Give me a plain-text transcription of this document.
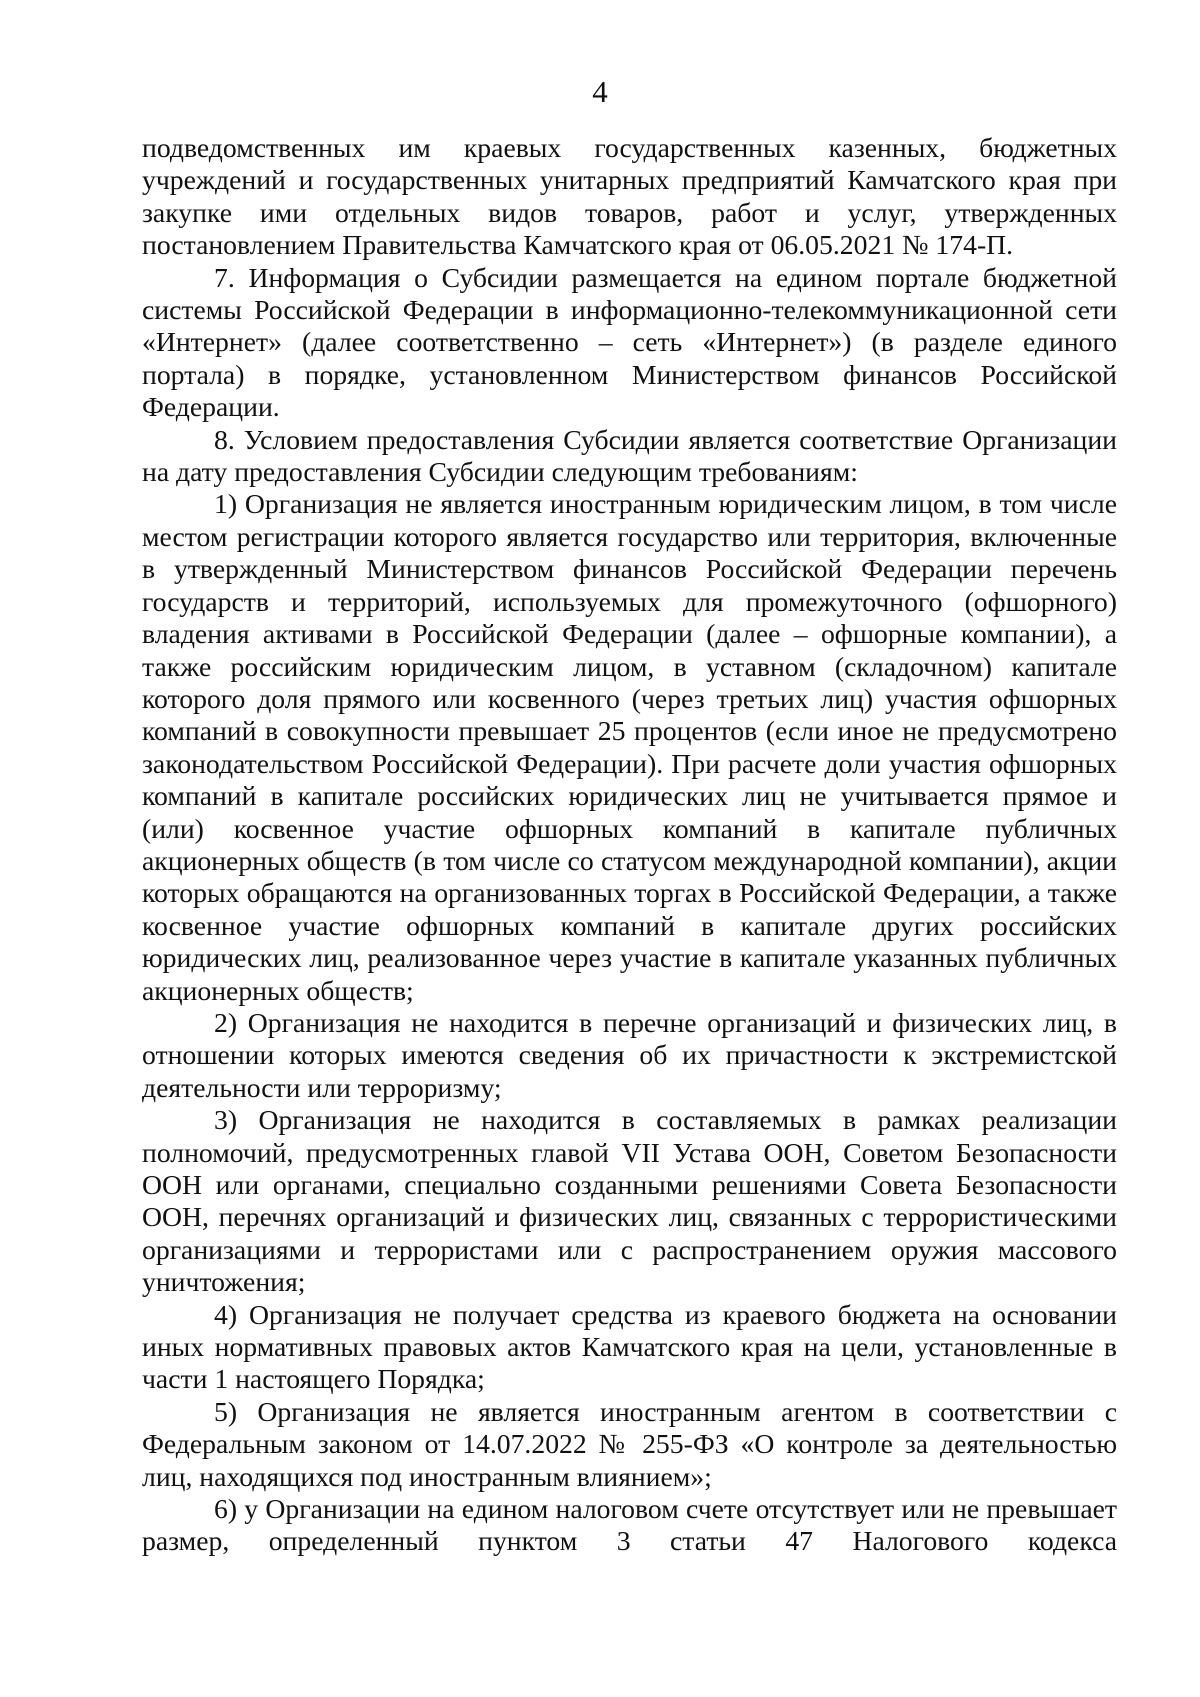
4

подведомственных им краевых государственных казенных, бюджетных учреждений и государственных унитарных предприятий Камчатского края при закупке ими отдельных видов товаров, работ и услуг, утвержденных постановлением Правительства Камчатского края от 06.05.2021 № 174-П.

7. Информация о Субсидии размещается на едином портале бюджетной системы Российской Федерации в информационно-телекоммуникационной сети «Интернет» (далее соответственно – сеть «Интернет») (в разделе единого портала) в порядке, установленном Министерством финансов Российской Федерации.

8. Условием предоставления Субсидии является соответствие Организации на дату предоставления Субсидии следующим требованиям:

1) Организация не является иностранным юридическим лицом, в том числе местом регистрации которого является государство или территория, включенные в утвержденный Министерством финансов Российской Федерации перечень государств и территорий, используемых для промежуточного (офшорного) владения активами в Российской Федерации (далее – офшорные компании), а также российским юридическим лицом, в уставном (складочном) капитале которого доля прямого или косвенного (через третьих лиц) участия офшорных компаний в совокупности превышает 25 процентов (если иное не предусмотрено законодательством Российской Федерации). При расчете доли участия офшорных компаний в капитале российских юридических лиц не учитывается прямое и (или) косвенное участие офшорных компаний в капитале публичных акционерных обществ (в том числе со статусом международной компании), акции которых обращаются на организованных торгах в Российской Федерации, а также косвенное участие офшорных компаний в капитале других российских юридических лиц, реализованное через участие в капитале указанных публичных акционерных обществ;

2) Организация не находится в перечне организаций и физических лиц, в отношении которых имеются сведения об их причастности к экстремистской деятельности или терроризму;

3) Организация не находится в составляемых в рамках реализации полномочий, предусмотренных главой VII Устава ООН, Советом Безопасности ООН или органами, специально созданными решениями Совета Безопасности ООН, перечнях организаций и физических лиц, связанных с террористическими организациями и террористами или с распространением оружия массового уничтожения;

4) Организация не получает средства из краевого бюджета на основании иных нормативных правовых актов Камчатского края на цели, установленные в части 1 настоящего Порядка;

5) Организация не является иностранным агентом в соответствии с Федеральным законом от 14.07.2022 № 255-ФЗ «О контроле за деятельностью лиц, находящихся под иностранным влиянием»;

6) у Организации на едином налоговом счете отсутствует или не превышает размер, определенный пунктом 3 статьи 47 Налогового кодекса
